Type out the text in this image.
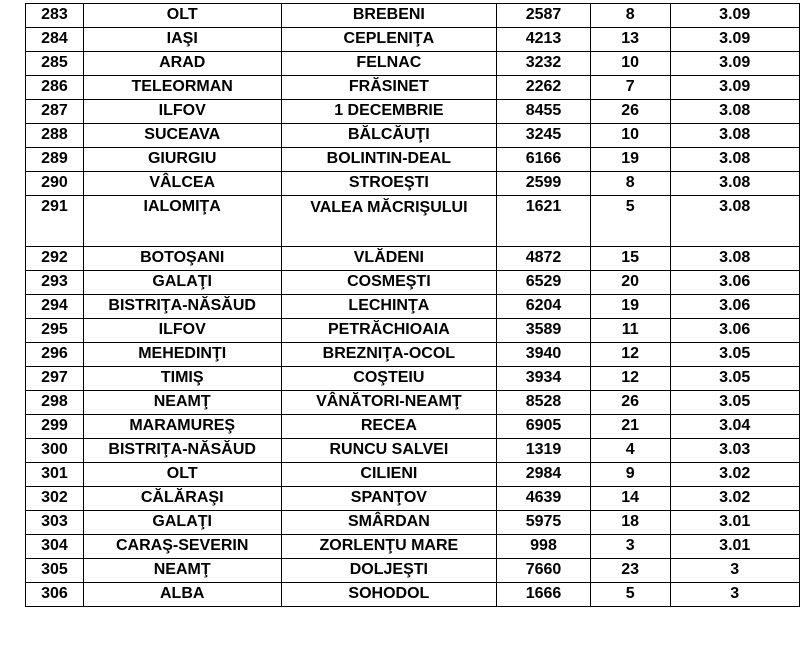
283	OLT	BREBENI	2587	8	3.09
284	IAŞI	CEPLENIŢA	4213	13	3.09
285	ARAD	FELNAC	3232	10	3.09
286	TELEORMAN	FRĂSINET	2262	7	3.09
287	ILFOV	1 DECEMBRIE	8455	26	3.08
288	SUCEAVA	BĂLCĂUŢI	3245	10	3.08
289	GIURGIU	BOLINTIN-DEAL	6166	19	3.08
290	VÂLCEA	STROEŞTI	2599	8	3.08
291	IALOMIŢA	VALEA MĂCRIŞULUI	1621	5	3.08
292	BOTOŞANI	VLĂDENI	4872	15	3.08
293	GALAŢI	COSMEŞTI	6529	20	3.06
294	BISTRIŢA-NĂSĂUD	LECHINŢA	6204	19	3.06
295	ILFOV	PETRĂCHIOAIA	3589	11	3.06
296	MEHEDINŢI	BREZNIŢA-OCOL	3940	12	3.05
297	TIMIŞ	COŞTEIU	3934	12	3.05
298	NEAMŢ	VÂNĂTORI-NEAMŢ	8528	26	3.05
299	MARAMUREŞ	RECEA	6905	21	3.04
300	BISTRIŢA-NĂSĂUD	RUNCU SALVEI	1319	4	3.03
301	OLT	CILIENI	2984	9	3.02
302	CĂLĂRAŞI	SPANŢOV	4639	14	3.02
303	GALAŢI	SMÂRDAN	5975	18	3.01
304	CARAŞ-SEVERIN	ZORLENŢU MARE	998	3	3.01
305	NEAMŢ	DOLJEŞTI	7660	23	3
306	ALBA	SOHODOL	1666	5	3
